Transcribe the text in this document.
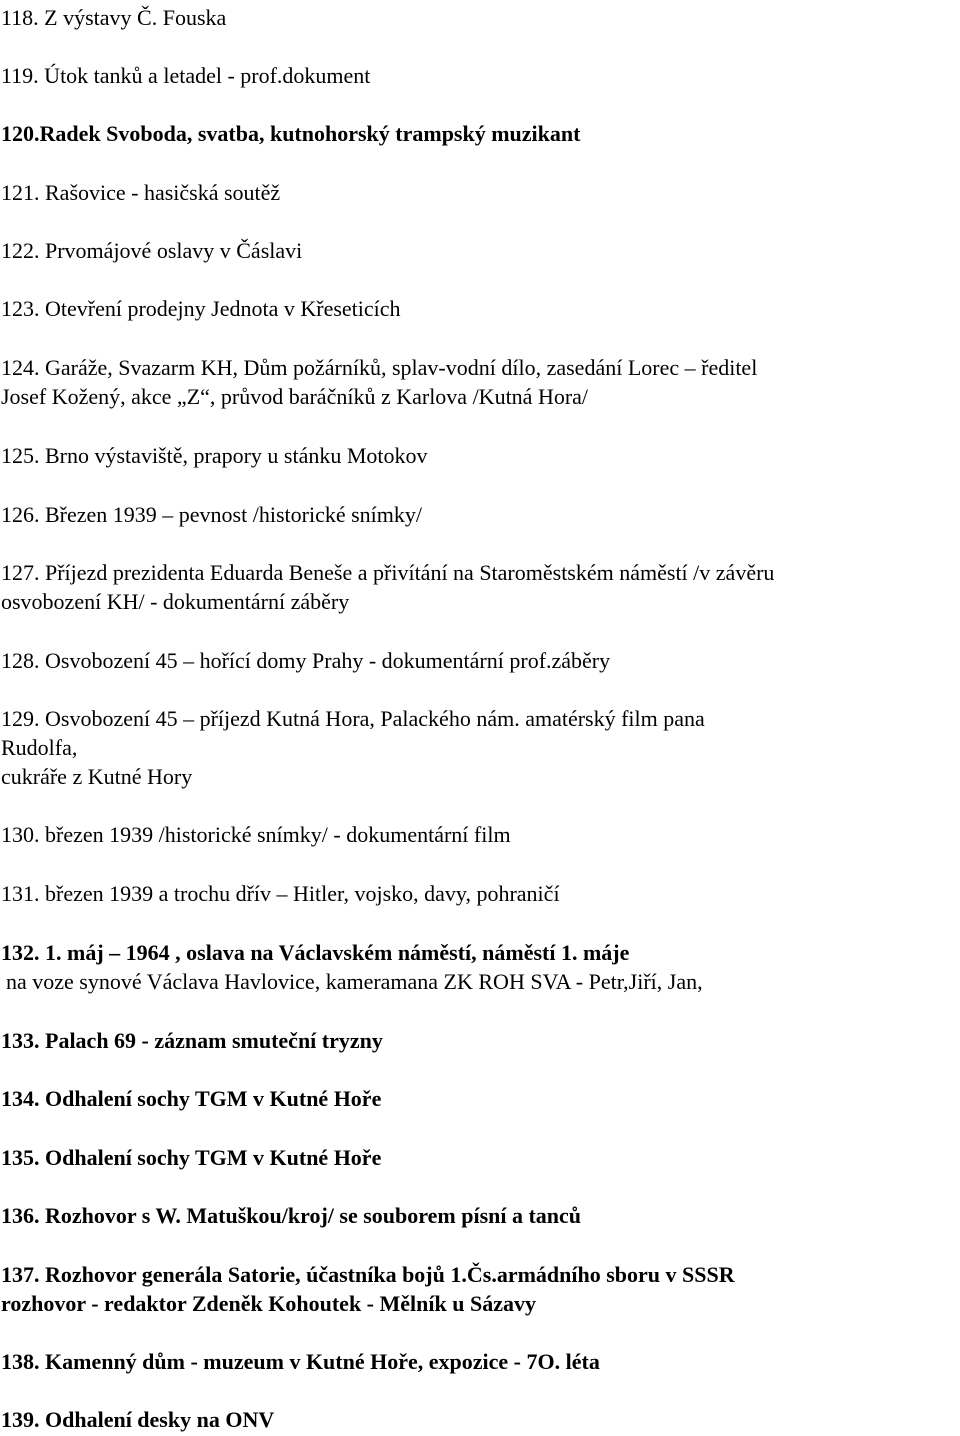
118. Z výstavy Č. Fouska
119. Útok tanků a letadel - prof.dokument
120.Radek Svoboda, svatba, kutnohorský trampský muzikant
121. Rašovice - hasičská soutěž
122. Prvomájové oslavy v Čáslavi
123. Otevření prodejny Jednota v Křeseticích
124. Garáže, Svazarm KH, Dům požárníků, splav-vodní dílo, zasedání Lorec – ředitel
Josef Kožený, akce „Z“, průvod baráčníků z Karlova /Kutná Hora/
125. Brno výstaviště, prapory u stánku Motokov
126. Březen 1939 – pevnost /historické snímky/
127. Příjezd prezidenta Eduarda Beneše a přivítání na Staroměstském náměstí /v závěru
osvobození KH/ - dokumentární záběry
128. Osvobození 45 – hořící domy Prahy - dokumentární prof.záběry
129. Osvobození 45 – příjezd Kutná Hora, Palackého nám. amatérský film pana
Rudolfa,
cukráře z Kutné Hory
130. březen 1939 /historické snímky/ - dokumentární film
131. březen 1939 a trochu dřív – Hitler, vojsko, davy, pohraničí
132. 1. máj – 1964 , oslava na Václavském náměstí, náměstí 1. máje
na voze synové Václava Havlovice, kameramana ZK ROH SVA - Petr,Jiří, Jan,
133. Palach 69 - záznam smuteční tryzny
134. Odhalení sochy TGM v Kutné Hoře
135. Odhalení sochy TGM v Kutné Hoře
136. Rozhovor s W. Matuškou/kroj/ se souborem písní a tanců
137. Rozhovor generála Satorie, účastníka bojů 1.Čs.armádního sboru v SSSR
rozhovor - redaktor Zdeněk Kohoutek - Mělník u Sázavy
138. Kamenný dům - muzeum v Kutné Hoře, expozice - 7O. léta
139. Odhalení desky na ONV
